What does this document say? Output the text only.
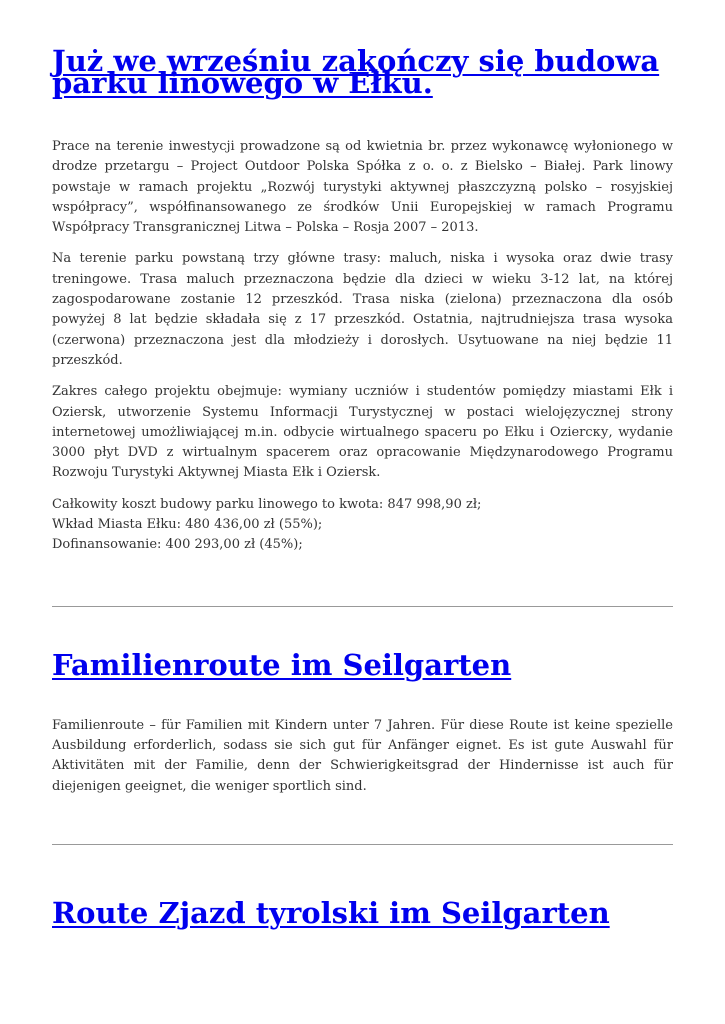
Już we wrześniu zakończy się budowa parku linowego w Ełku.

Prace na terenie inwestycji prowadzone są od kwietnia br. przez wykonawcę wyłonionego w drodze przetargu – Project Outdoor Polska Spółka z o. o. z Bielsko – Białej. Park linowy powstaje w ramach projektu „Rozwój turystyki aktywnej płaszczyzną polsko – rosyjskiej współpracy”, współfinansowanego ze środków Unii Europejskiej w ramach Programu Współpracy Transgranicznej Litwa – Polska – Rosja 2007 – 2013.

Na terenie parku powstaną trzy główne trasy: maluch, niska i wysoka oraz dwie trasy treningowe. Trasa maluch przeznaczona będzie dla dzieci w wieku 3-12 lat, na której zagospodarowane zostanie 12 przeszkód. Trasa niska (zielona) przeznaczona dla osób powyżej 8 lat będzie składała się z 17 przeszkód. Ostatnia, najtrudniejsza trasa wysoka (czerwona) przeznaczona jest dla młodzieży i dorosłych. Usytuowane na niej będzie 11 przeszkód.

Zakres całego projektu obejmuje: wymiany uczniów i studentów pomiędzy miastami Ełk i Oziersk, utworzenie Systemu Informacji Turystycznej w postaci wielojęzycznej strony internetowej umożliwiającej m.in. odbycie wirtualnego spaceru po Ełku i Ozierску, wydanie 3000 płyt DVD z wirtualnym spacerem oraz opracowanie Międzynarodowego Programu Rozwoju Turystyki Aktywnej Miasta Ełk i Oziersk.

Całkowity koszt budowy parku linowego to kwota: 847 998,90 zł;
Wkład Miasta Ełku: 480 436,00 zł (55%);
Dofinansowanie: 400 293,00 zł (45%);

Familienroute im Seilgarten

Familienroute – für Familien mit Kindern unter 7 Jahren. Für diese Route ist keine spezielle Ausbildung erforderlich, sodass sie sich gut für Anfänger eignet. Es ist gute Auswahl für Aktivitäten mit der Familie, denn der Schwierigkeitsgrad der Hindernisse ist auch für diejenigen geeignet, die weniger sportlich sind.

Route Zjazd tyrolski im Seilgarten
